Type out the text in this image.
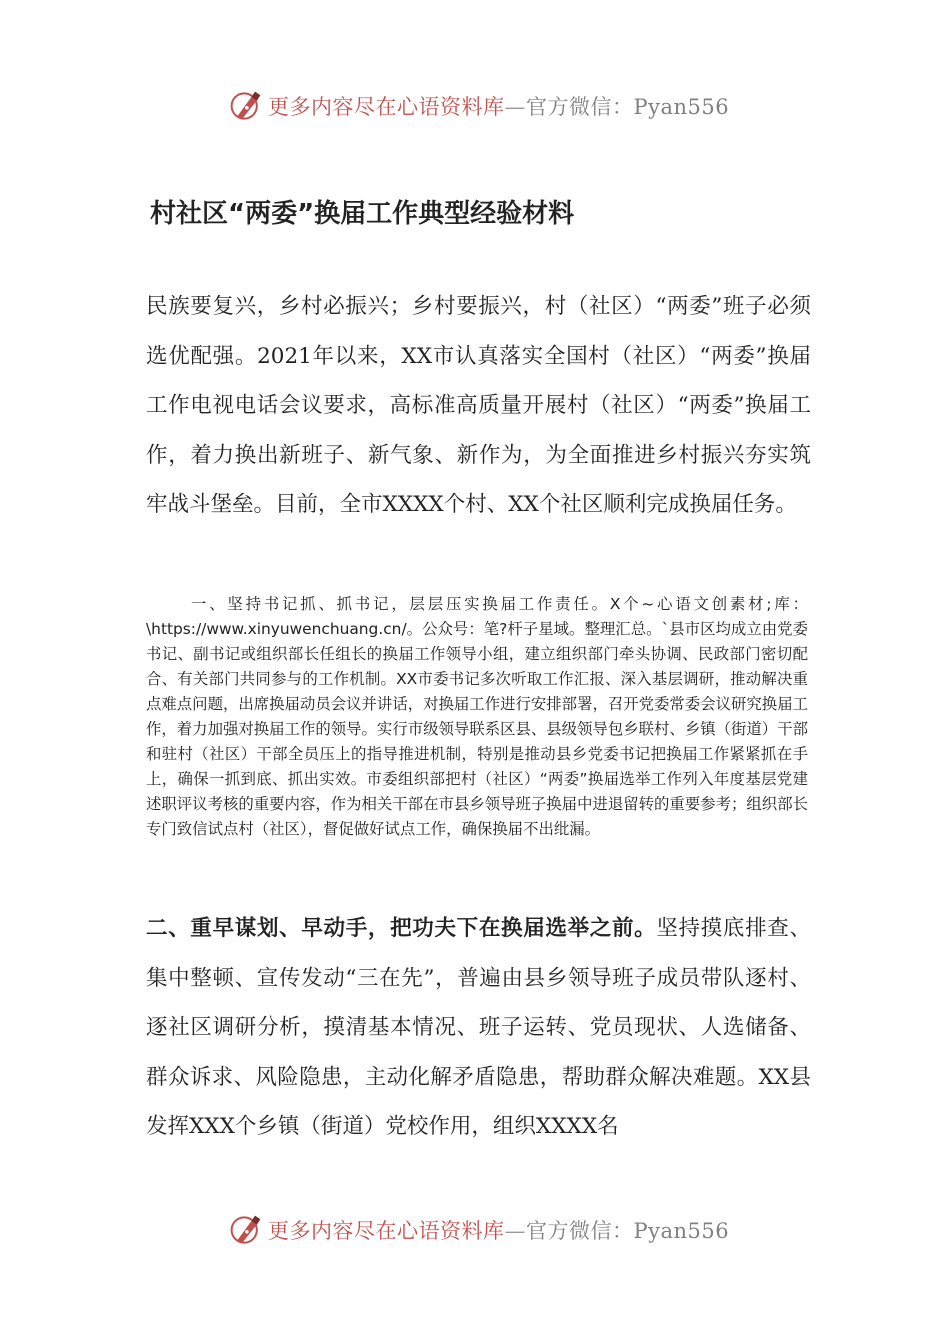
更多内容尽在心语资料库—官方微信：Pyan556
村社区“两委”换届工作典型经验材料

民族要复兴，乡村必振兴；乡村要振兴，村（社区）“两委”班子必须选优配强。2021年以来，XX市认真落实全国村（社区）“两委”换届工作电视电话会议要求，高标准高质量开展村（社区）“两委”换届工作，着力换出新班子、新气象、新作为，为全面推进乡村振兴夯实筑牢战斗堡垒。目前，全市XXXX个村、XX个社区顺利完成换届任务。

一、坚持书记抓、抓书记，层层压实换届工作责任。X个~心语文创素材;库：\https://www.xinyuwenchuang.cn/。公众号：笔?杆子星域。整理汇总。`县市区均成立由党委书记、副书记或组织部长任组长的换届工作领导小组，建立组织部门牵头协调、民政部门密切配合、有关部门共同参与的工作机制。XX市委书记多次听取工作汇报、深入基层调研，推动解决重点难点问题，出席换届动员会议并讲话，对换届工作进行安排部署，召开党委常委会议研究换届工作，着力加强对换届工作的领导。实行市级领导联系区县、县级领导包乡联村、乡镇（街道）干部和驻村（社区）干部全员压上的指导推进机制，特别是推动县乡党委书记把换届工作紧紧抓在手上，确保一抓到底、抓出实效。市委组织部把村（社区）“两委”换届选举工作列入年度基层党建述职评议考核的重要内容，作为相关干部在市县乡领导班子换届中进退留转的重要参考；组织部长专门致信试点村（社区），督促做好试点工作，确保换届不出纰漏。

二、重早谋划、早动手，把功夫下在换届选举之前。坚持摸底排查、集中整顿、宣传发动“三在先”，普遍由县乡领导班子成员带队逐村、逐社区调研分析，摸清基本情况、班子运转、党员现状、人选储备、群众诉求、风险隐患，主动化解矛盾隐患，帮助群众解决难题。XX县发挥XXX个乡镇（街道）党校作用，组织XXXX名

更多内容尽在心语资料库—官方微信：Pyan556
